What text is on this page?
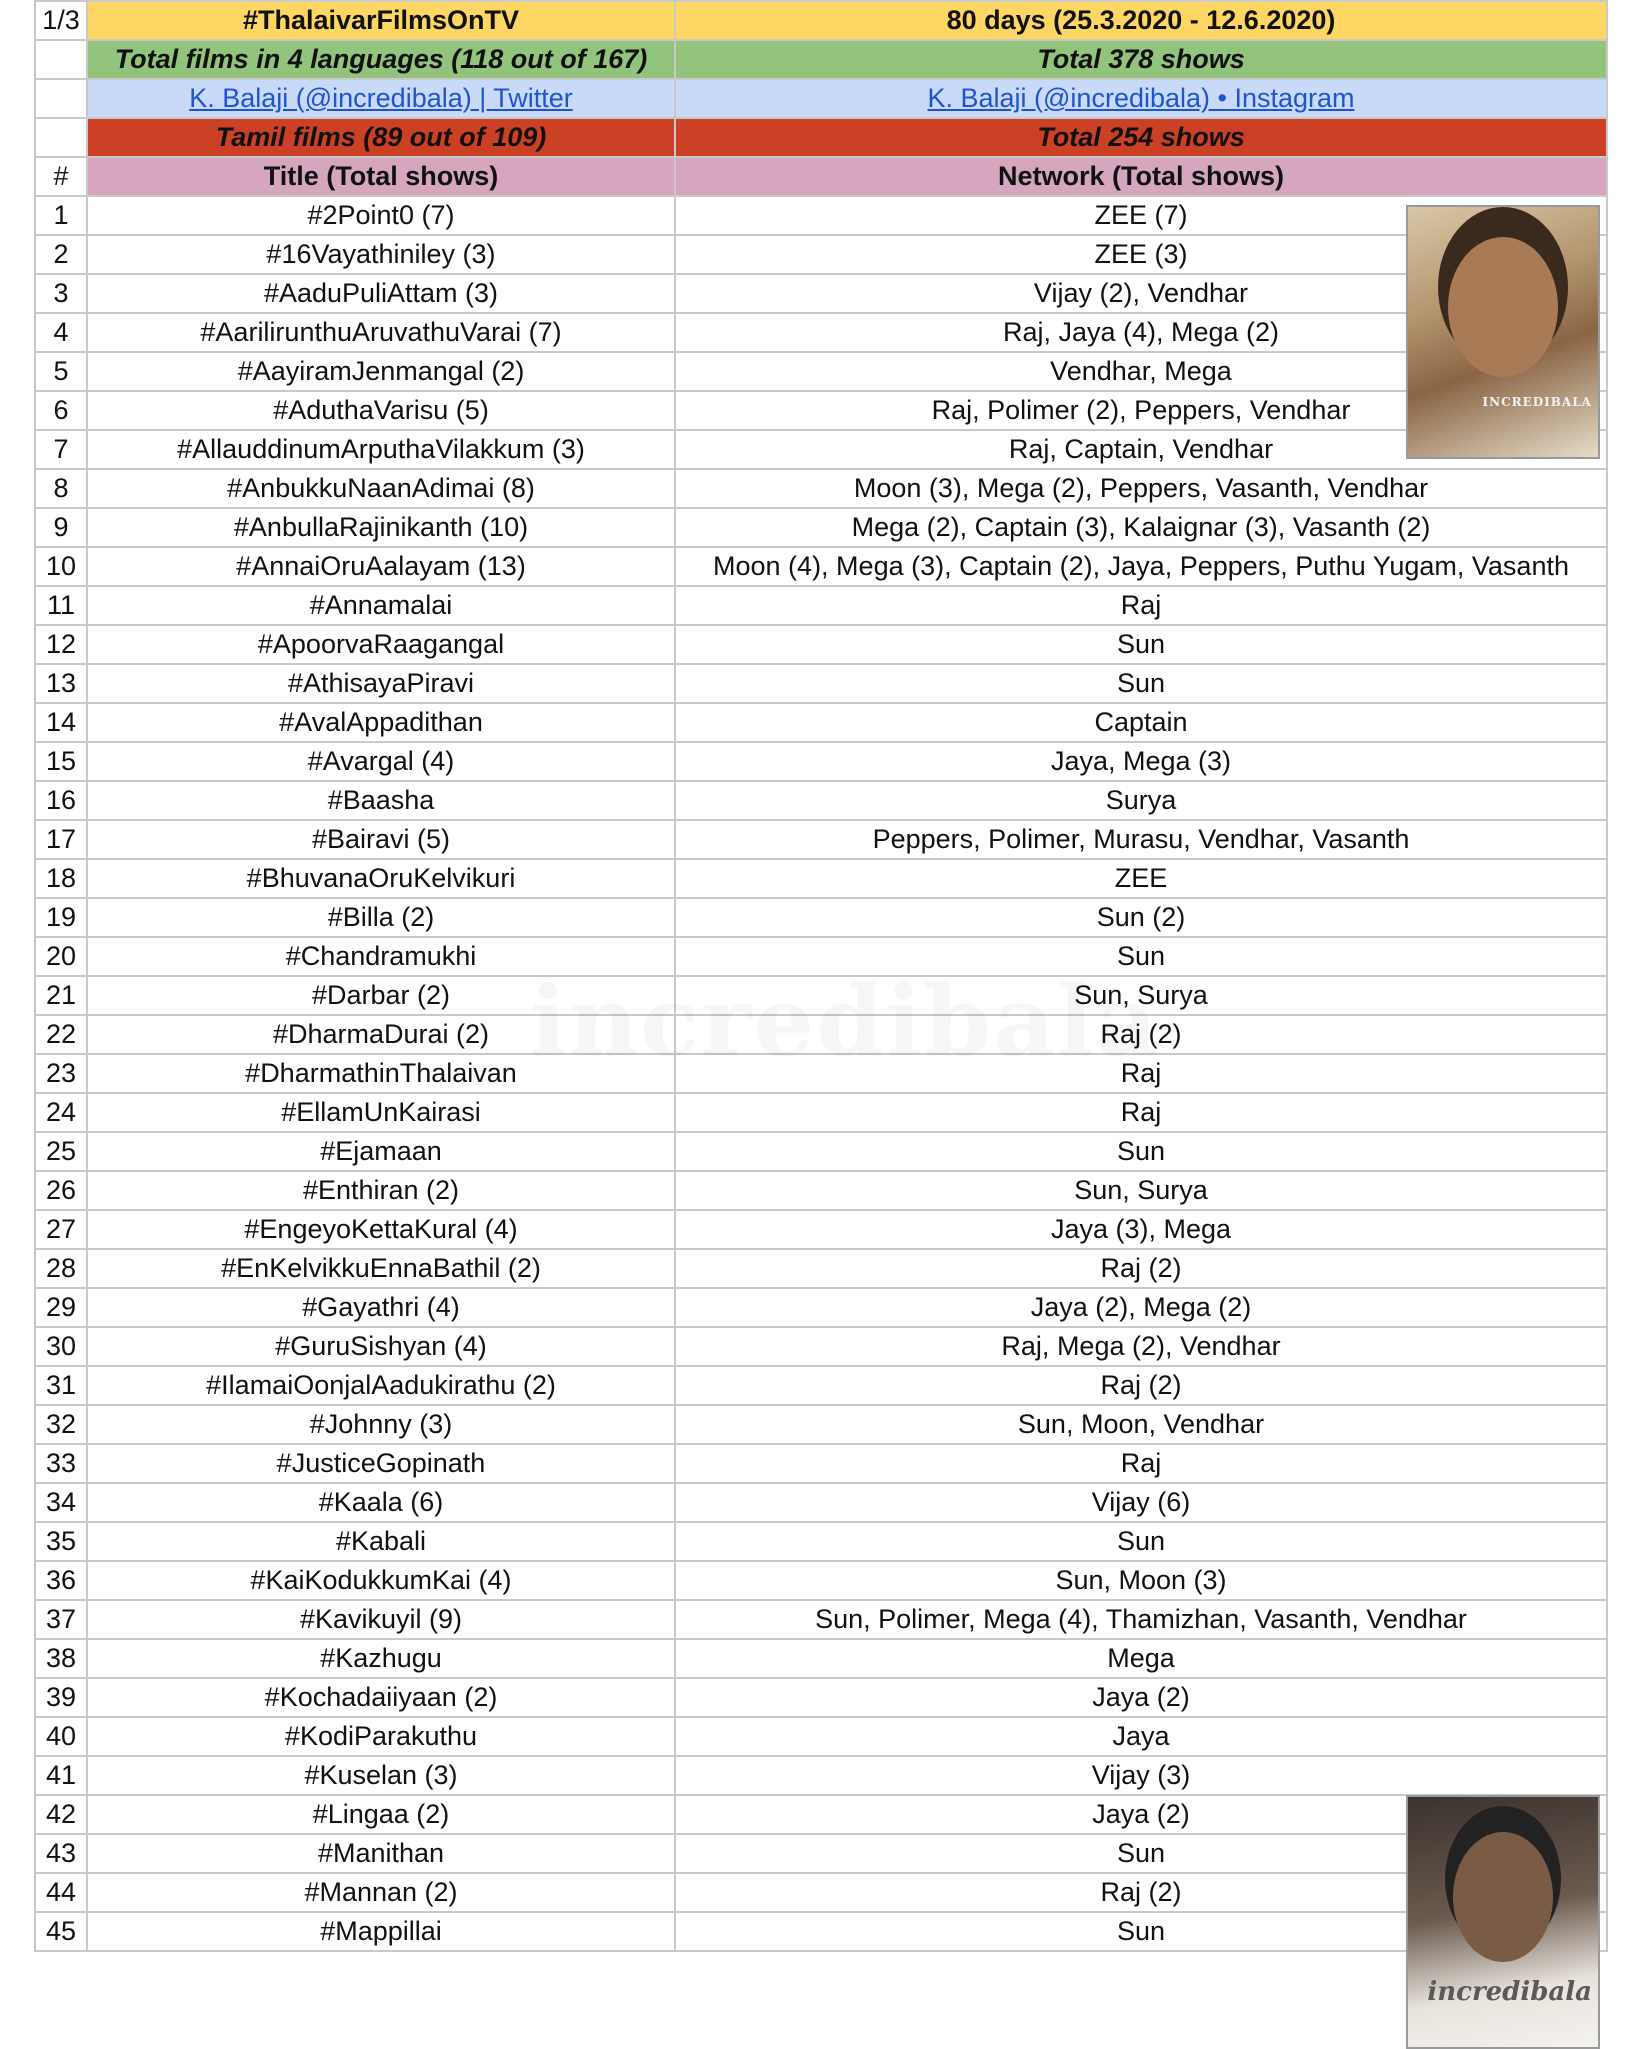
1/3	#ThalaivarFilmsOnTV	80 days (25.3.2020 - 12.6.2020)
	Total films in 4 languages (118 out of 167)	Total 378 shows
	K. Balaji (@incredibala) | Twitter	K. Balaji (@incredibala) • Instagram
	Tamil films (89 out of 109)	Total 254 shows
#	Title (Total shows)	Network (Total shows)
1	#2Point0 (7)	ZEE (7)
2	#16Vayathiniley (3)	ZEE (3)
3	#AaduPuliAttam (3)	Vijay (2), Vendhar
4	#AarilirunthuAruvathuVarai (7)	Raj, Jaya (4), Mega (2)
5	#AayiramJenmangal (2)	Vendhar, Mega
6	#AduthaVarisu (5)	Raj, Polimer (2), Peppers, Vendhar
7	#AllauddinumArputhaVilakkum (3)	Raj, Captain, Vendhar
8	#AnbukkuNaanAdimai (8)	Moon (3), Mega (2), Peppers, Vasanth, Vendhar
9	#AnbullaRajinikanth (10)	Mega (2), Captain (3), Kalaignar (3), Vasanth (2)
10	#AnnaiOruAalayam (13)	Moon (4), Mega (3), Captain (2), Jaya, Peppers, Puthu Yugam, Vasanth
11	#Annamalai	Raj
12	#ApoorvaRaagangal	Sun
13	#AthisayaPiravi	Sun
14	#AvalAppadithan	Captain
15	#Avargal (4)	Jaya, Mega (3)
16	#Baasha	Surya
17	#Bairavi (5)	Peppers, Polimer, Murasu, Vendhar, Vasanth
18	#BhuvanaOruKelvikuri	ZEE
19	#Billa (2)	Sun (2)
20	#Chandramukhi	Sun
21	#Darbar (2)	Sun, Surya
22	#DharmaDurai (2)	Raj (2)
23	#DharmathinThalaivan	Raj
24	#EllamUnKairasi	Raj
25	#Ejamaan	Sun
26	#Enthiran (2)	Sun, Surya
27	#EngeyoKettaKural (4)	Jaya (3), Mega
28	#EnKelvikkuEnnaBathil (2)	Raj (2)
29	#Gayathri (4)	Jaya (2), Mega (2)
30	#GuruSishyan (4)	Raj, Mega (2), Vendhar
31	#IlamaiOonjalAadukirathu (2)	Raj (2)
32	#Johnny (3)	Sun, Moon, Vendhar
33	#JusticeGopinath	Raj
34	#Kaala (6)	Vijay (6)
35	#Kabali	Sun
36	#KaiKodukkumKai (4)	Sun, Moon (3)
37	#Kavikuyil (9)	Sun, Polimer, Mega (4), Thamizhan, Vasanth, Vendhar
38	#Kazhugu	Mega
39	#Kochadaiiyaan (2)	Jaya (2)
40	#KodiParakuthu	Jaya
41	#Kuselan (3)	Vijay (3)
42	#Lingaa (2)	Jaya (2)
43	#Manithan	Sun
44	#Mannan (2)	Raj (2)
45	#Mappillai	Sun
INCREDIBALA
incredibala
